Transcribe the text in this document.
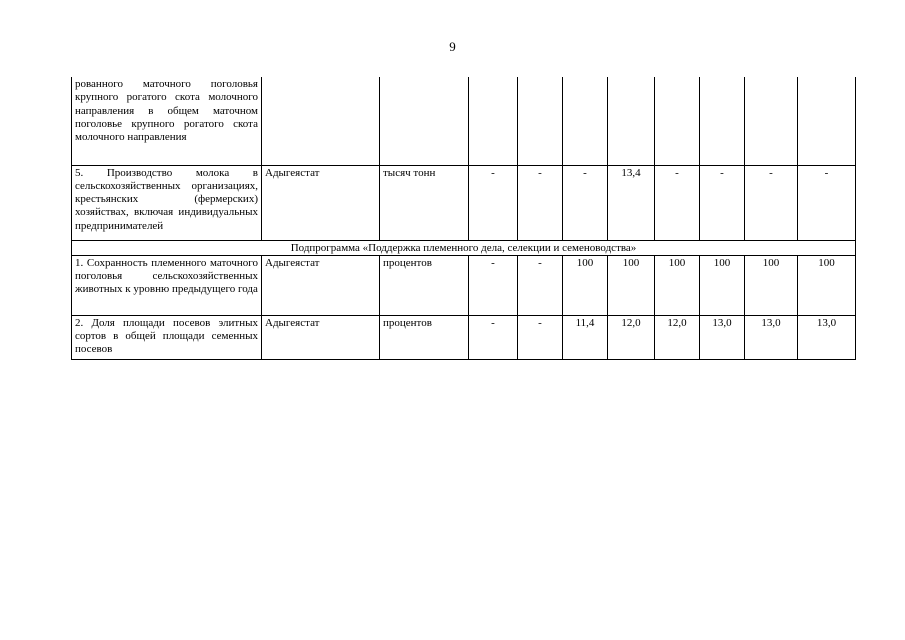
9
рованного маточного поголовья крупного рогатого скота молочного направления в общем маточном поголовье крупного рогатого скота молочного направления										
5. Производство молока в сельскохозяйственных организациях, крестьянских (фермерских) хозяйствах, включая индивидуальных предпринимателей	Адыгеястат	тысяч тонн	-	-	-	13,4	-	-	-	-
Подпрограмма «Поддержка племенного дела, селекции и семеноводства»										
1. Сохранность племенного маточного поголовья сельскохозяйственных животных к уровню предыдущего года	Адыгеястат	процентов	-	-	100	100	100	100	100	100
2. Доля площади посевов элитных сортов в общей площади семенных посевов	Адыгеястат	процентов	-	-	11,4	12,0	12,0	13,0	13,0	13,0
